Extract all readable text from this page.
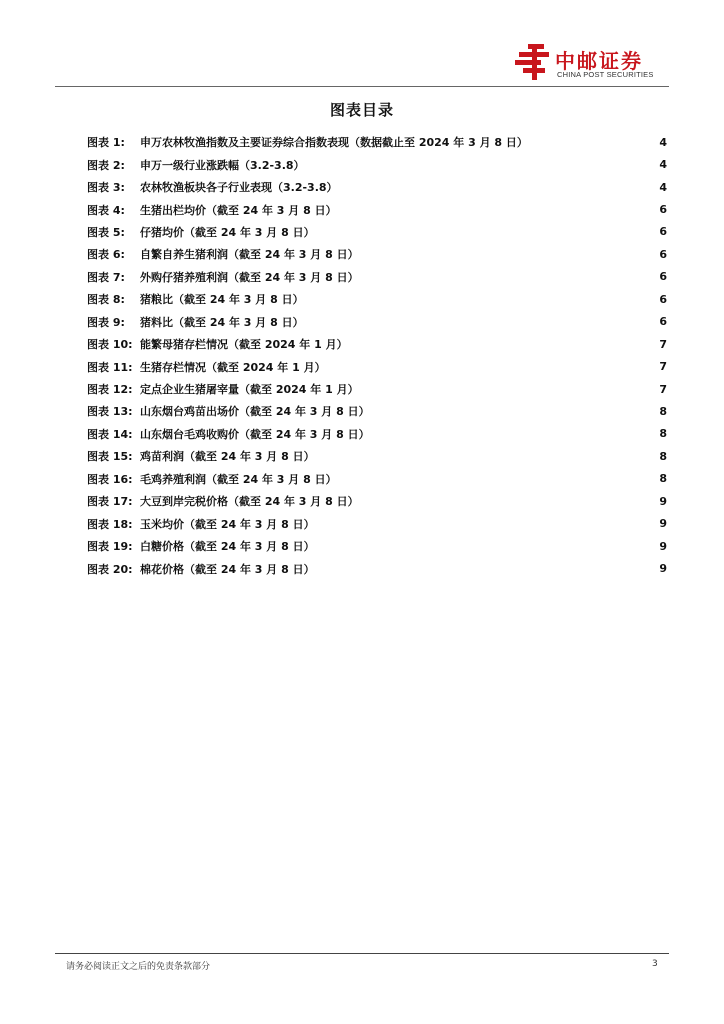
中邮证券
CHINA POST SECURITIES
图表目录
图表 1:	申万农林牧渔指数及主要证券综合指数表现（数据截止至 2024 年 3 月 8 日）	4
图表 2:	申万一级行业涨跌幅（3.2-3.8）	4
图表 3:	农林牧渔板块各子行业表现（3.2-3.8）	4
图表 4:	生猪出栏均价（截至 24 年 3 月 8 日）	6
图表 5:	仔猪均价（截至 24 年 3 月 8 日）	6
图表 6:	自繁自养生猪利润（截至 24 年 3 月 8 日）	6
图表 7:	外购仔猪养殖利润（截至 24 年 3 月 8 日）	6
图表 8:	猪粮比（截至 24 年 3 月 8 日）	6
图表 9:	猪料比（截至 24 年 3 月 8 日）	6
图表 10: 能繁母猪存栏情况（截至 2024 年 1 月）	7
图表 11: 生猪存栏情况（截至 2024 年 1 月）	7
图表 12: 定点企业生猪屠宰量（截至 2024 年 1 月）	7
图表 13: 山东烟台鸡苗出场价（截至 24 年 3 月 8 日）	8
图表 14: 山东烟台毛鸡收购价（截至 24 年 3 月 8 日）	8
图表 15: 鸡苗利润（截至 24 年 3 月 8 日）	8
图表 16: 毛鸡养殖利润（截至 24 年 3 月 8 日）	8
图表 17: 大豆到岸完税价格（截至 24 年 3 月 8 日）	9
图表 18: 玉米均价（截至 24 年 3 月 8 日）	9
图表 19: 白糖价格（截至 24 年 3 月 8 日）	9
图表 20: 棉花价格（截至 24 年 3 月 8 日）	9
请务必阅读正文之后的免责条款部分	3
